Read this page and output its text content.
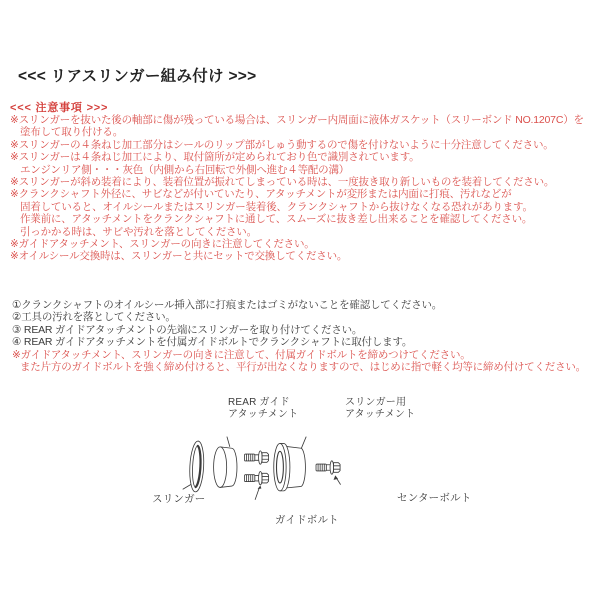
<<< リアスリンガー組み付け >>>
<<< 注意事項 >>>
※スリンガーを抜いた後の軸部に傷が残っている場合は、スリンガー内周面に液体ガスケット（スリーボンド NO.1207C）を
塗布して取り付ける。
※スリンガーの４条ねじ加工部分はシールのリップ部がしゅう動するので傷を付けないように十分注意してください。
※スリンガーは４条ねじ加工により、取付箇所が定められており色で識別されています。
エンジンリア側・・・灰色（内側から右回転で外側へ進む４等配の溝）
※スリンガーが斜め装着により、装着位置が振れてしまっている時は、一度抜き取り新しいものを装着してください。
※クランクシャフト外径に、サビなどが付いていたり、アタッチメントが変形または内面に打痕、汚れなどが
固着していると、オイルシールまたはスリンガー装着後、クランクシャフトから抜けなくなる恐れがあります。
作業前に、アタッチメントをクランクシャフトに通して、スムーズに抜き差し出来ることを確認してください。
引っかかる時は、サビや汚れを落としてください。
※ガイドアタッチメント、スリンガーの向きに注意してください。
※オイルシール交換時は、スリンガーと共にセットで交換してください。
①クランクシャフトのオイルシール挿入部に打痕またはゴミがないことを確認してください。
②工具の汚れを落としてください。
③ REAR ガイドアタッチメントの先端にスリンガーを取り付けてください。
④ REAR ガイドアタッチメントを付属ガイドボルトでクランクシャフトに取付します。
※ガイドアタッチメント、スリンガーの向きに注意して、付属ガイドボルトを締めつけてください。
また片方のガイドボルトを強く締め付けると、平行が出なくなりますので、はじめに指で軽く均等に締め付けてください。
REAR ガイド
アタッチメント
スリンガー用
アタッチメント
スリンガー
ガイドボルト
センターボルト
